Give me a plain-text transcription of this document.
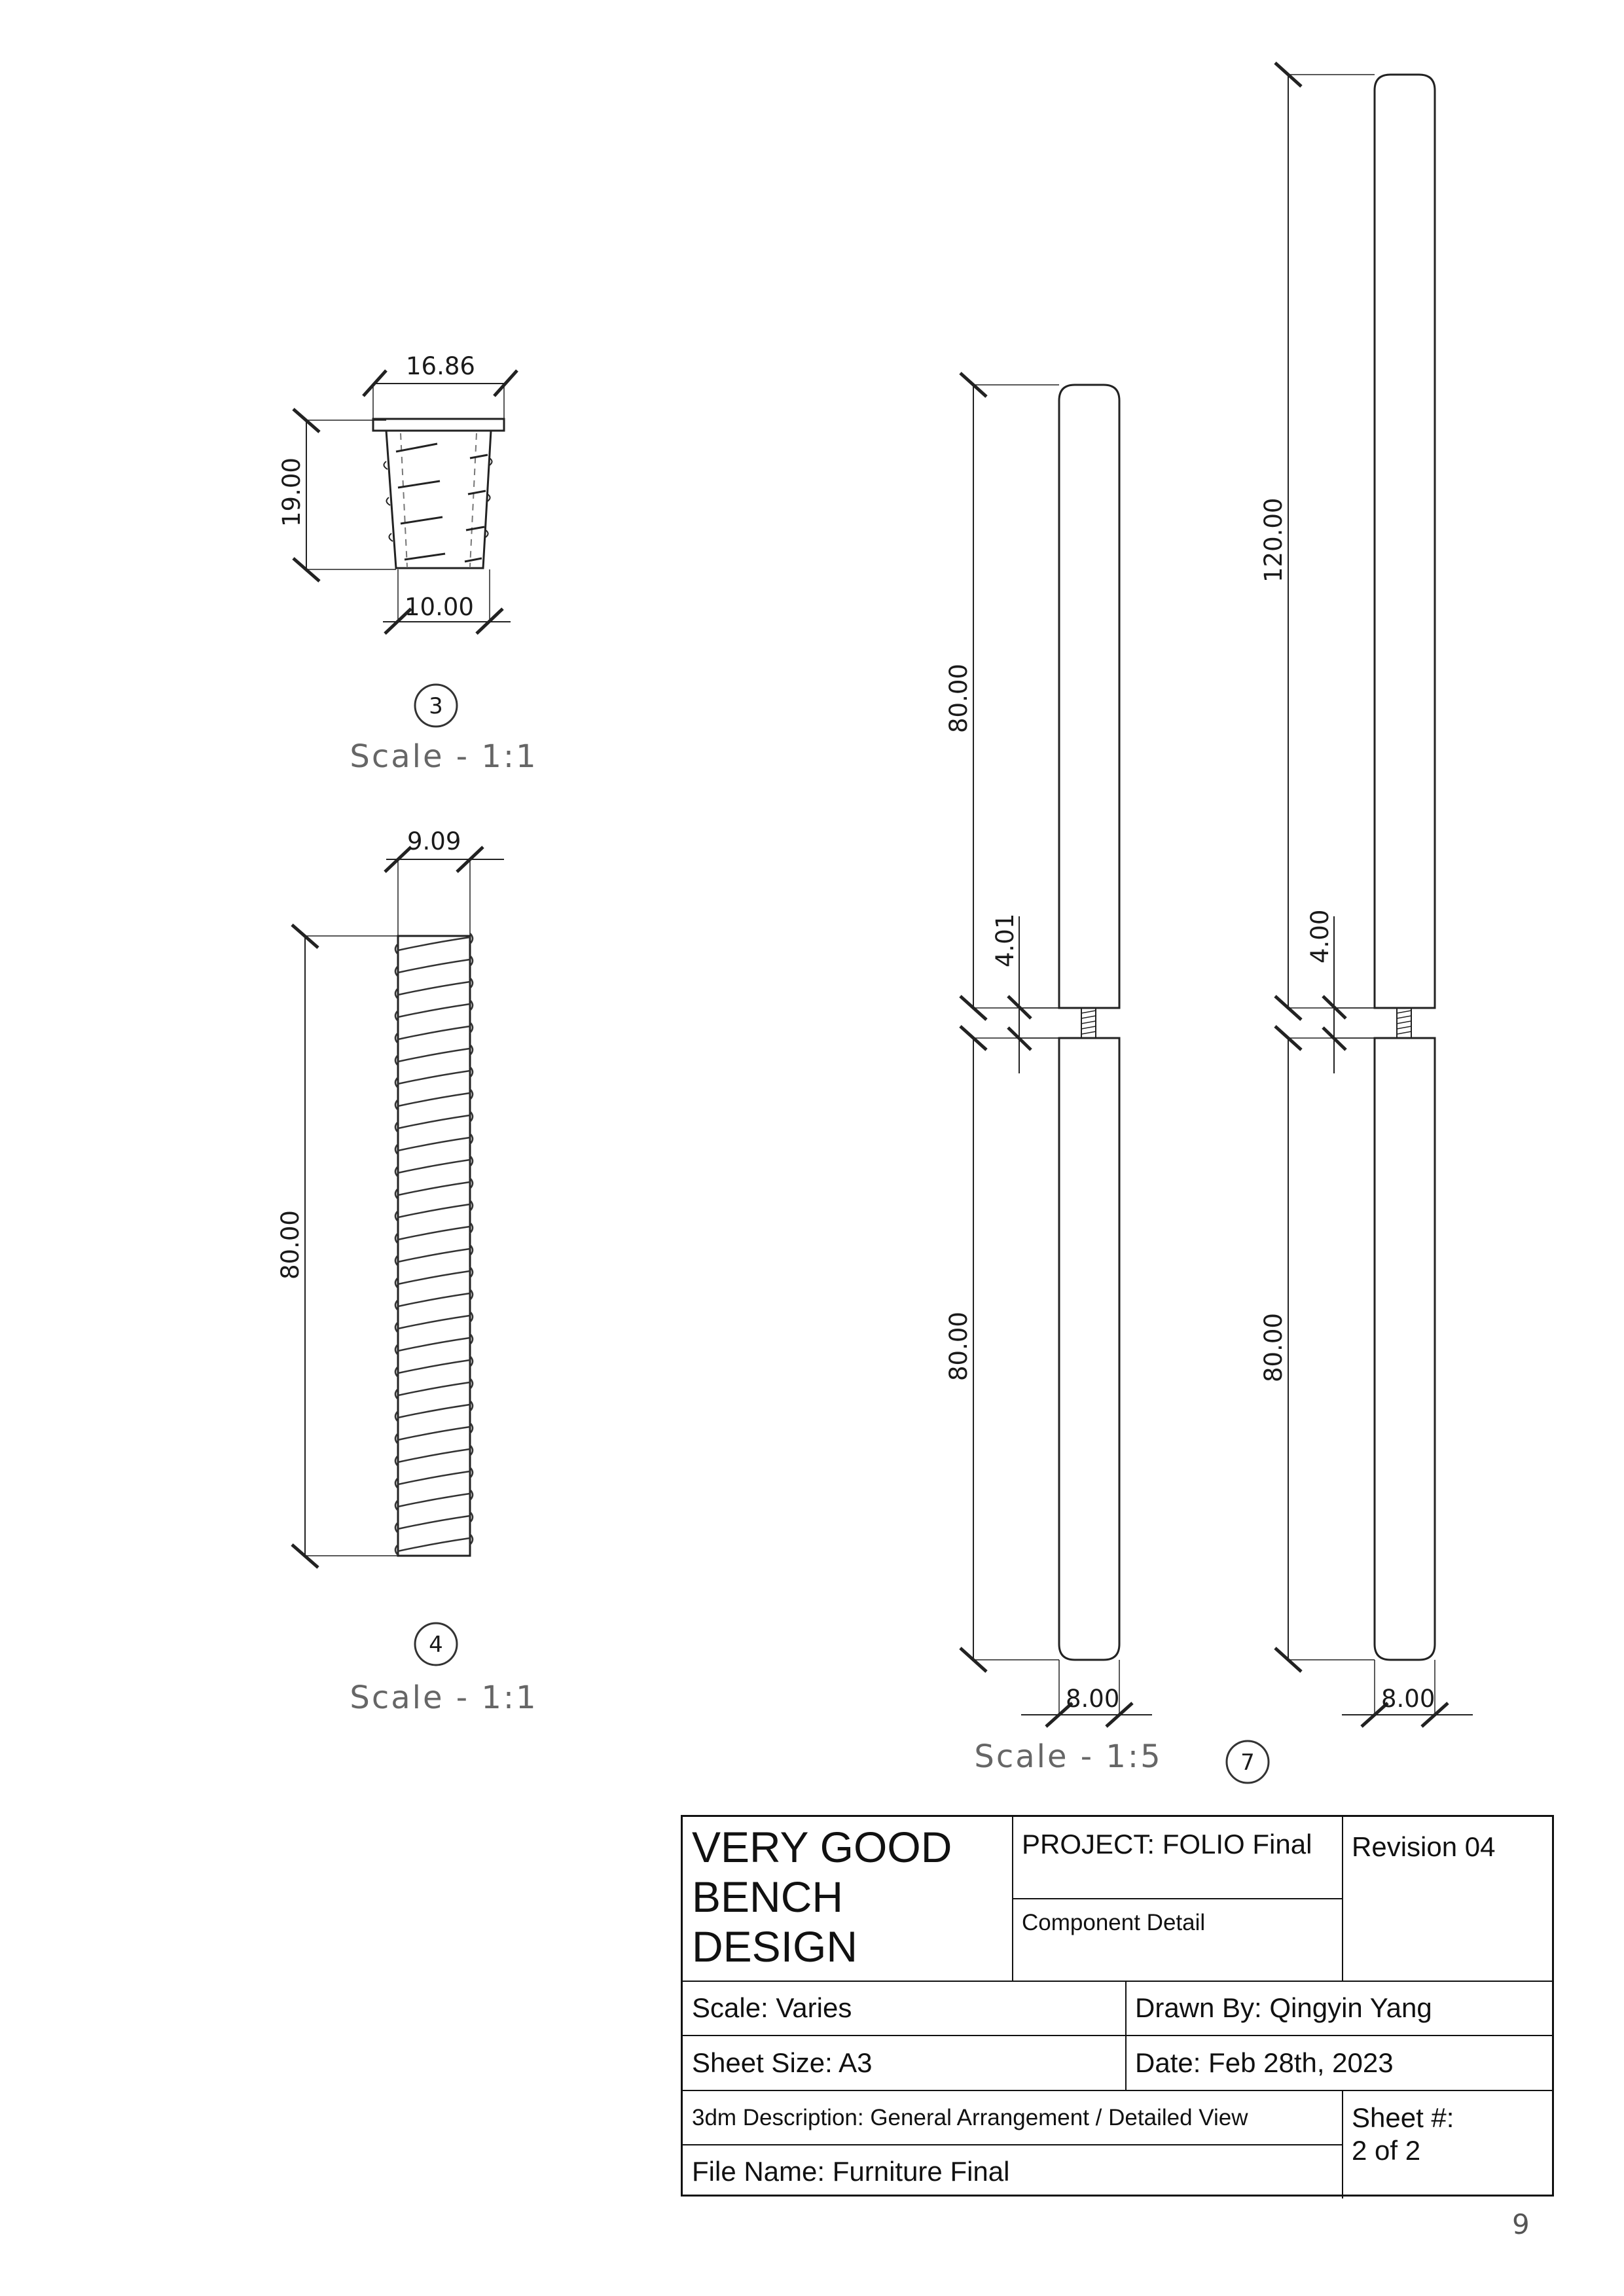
16.86
19.00
10.00
3
Scale - 1:1
9.09
80.00
4
Scale - 1:1
80.00
4.01
80.00
8.00
120.00
4.00
80.00
8.00
Scale - 1:5	7
VERY GOOD
BENCH
DESIGN
PROJECT: FOLIO Final Revision 04
Component Detail
Scale: Varies	Drawn By: Qingyin Yang
Sheet Size: A3	Date: Feb 28th, 2023
3dm Description: General Arrangement / Detailed View	Sheet #:
2 of 2
File Name: Furniture Final
9
